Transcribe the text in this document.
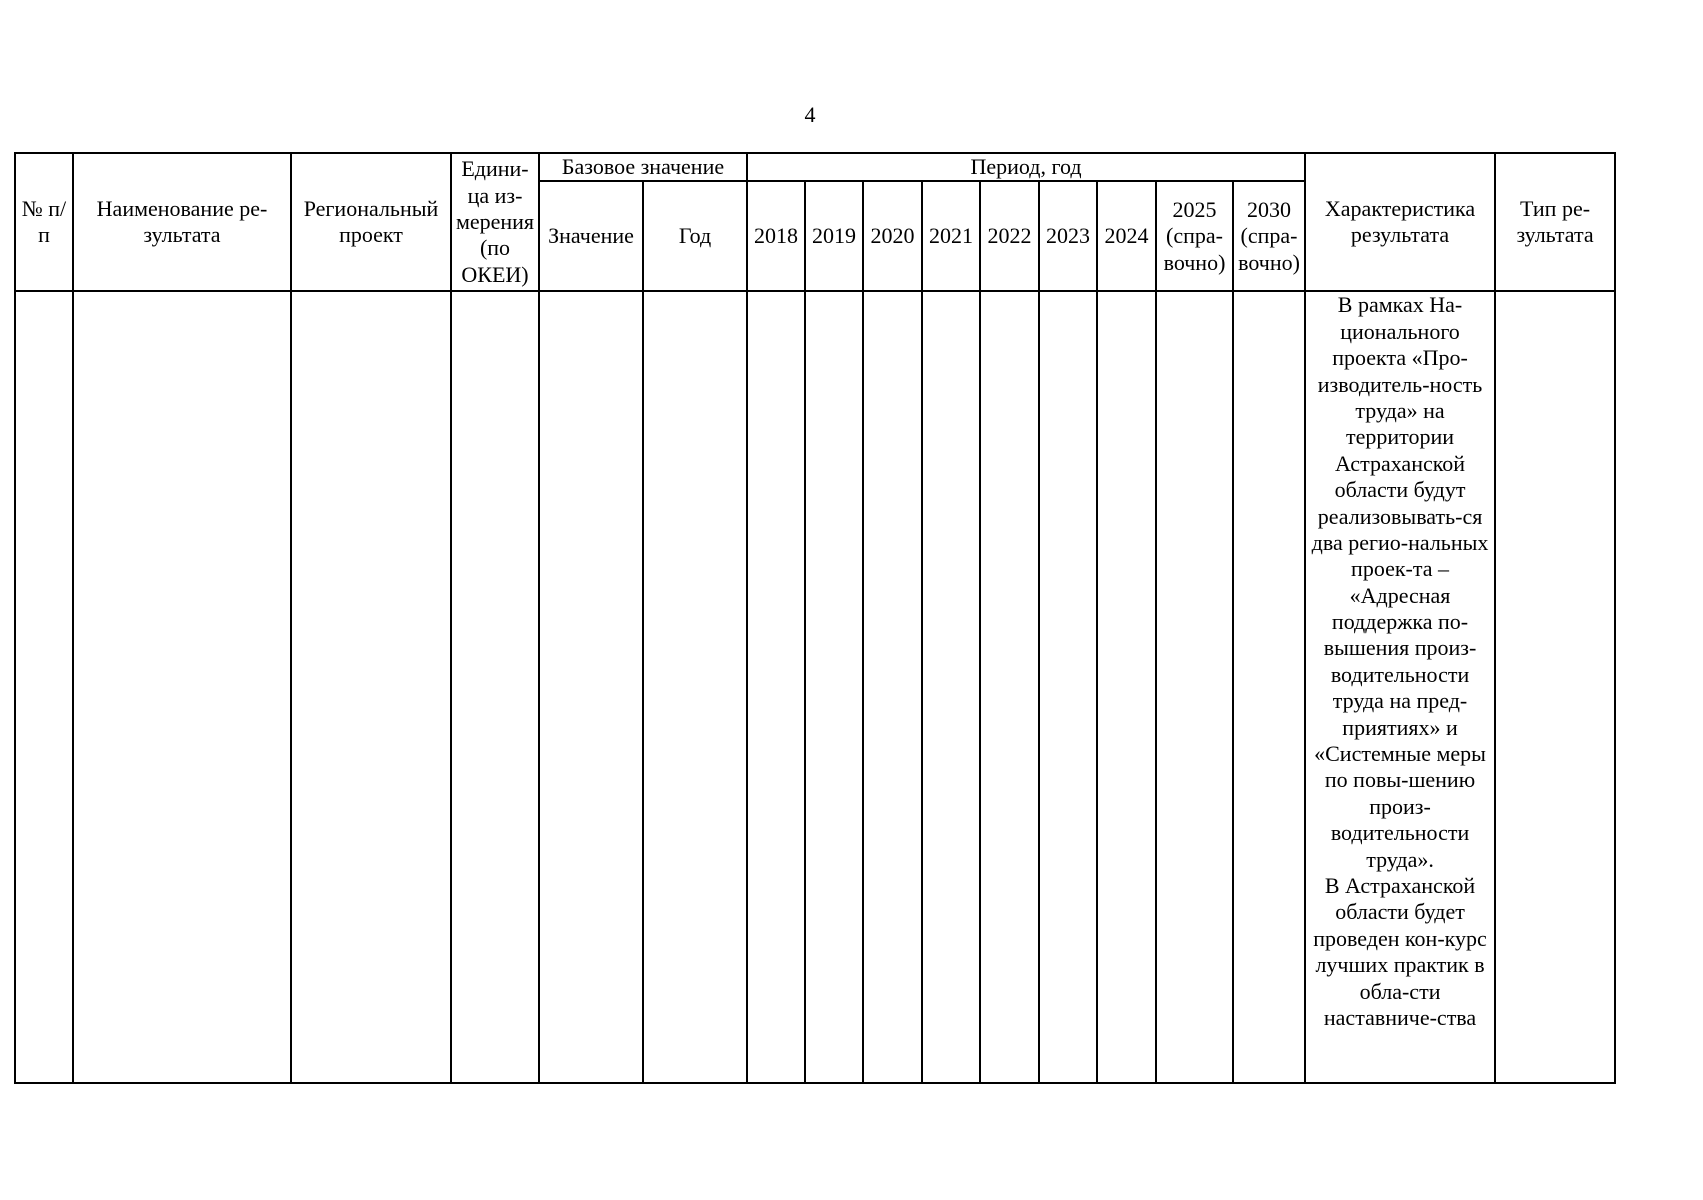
4
№ п/п	Наименование ре-зультата	Региональный проект	Едини-ца из-мерения (по ОКЕИ)	Базовое значение		Период, год									Характеристика результата	Тип ре-зультата
				Значение	Год	2018	2019	2020	2021	2022	2023	2024	2025 (спра-вочно)	2030 (спра-вочно)		

															В рамках На-ционального проекта «Про-изводитель-ность труда» на территории Астраханской области будут реализовывать-ся два регио-нальных проек-та – «Адресная поддержка по-вышения произ-водительности труда на пред-приятиях» и «Системные меры по повы-шению произ-водительности труда».
В Астраханской области будет проведен кон-курс лучших практик в обла-сти наставниче-ства	
